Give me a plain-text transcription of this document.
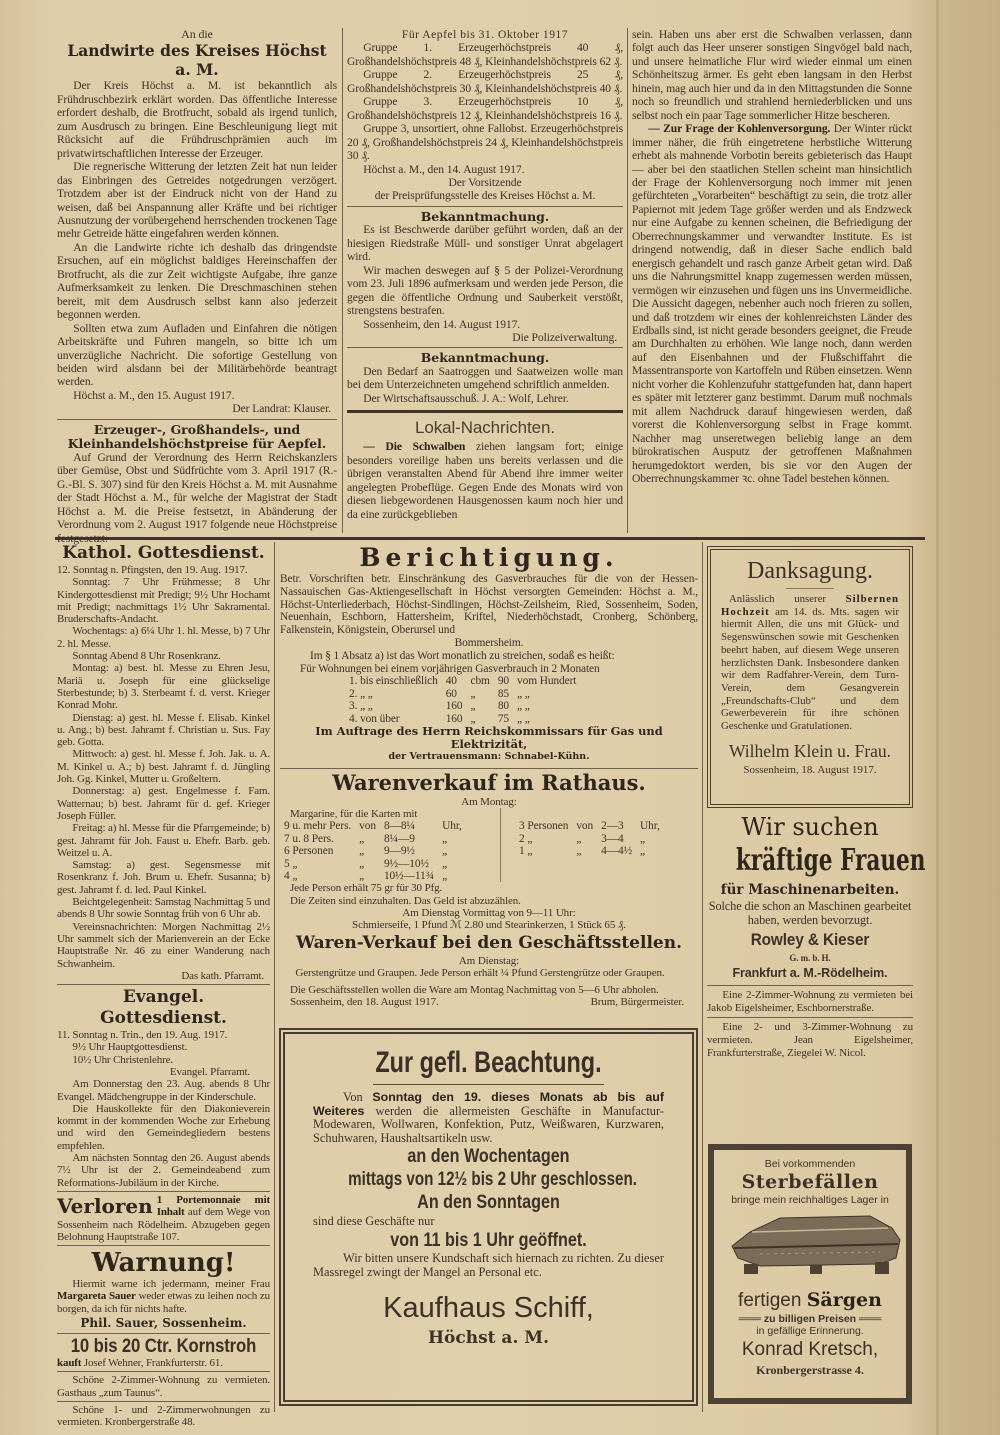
An die
Landwirte des Kreises Höchst a. M.

Der Kreis Höchst a. M. ist bekanntlich als Frühdruschbezirk erklärt worden. Das öffentliche Interesse erfordert deshalb, die Brotfrucht, sobald als irgend tunlich, zum Ausdrusch zu bringen. Eine Beschleunigung liegt mit Rücksicht auf die Frühdruschprämien auch im privatwirtschaftlichen Interesse der Erzeuger.

Die regnerische Witterung der letzten Zeit hat nun leider das Einbringen des Getreides notgedrungen verzögert. Trotzdem aber ist der Eindruck nicht von der Hand zu weisen, daß bei Anspannung aller Kräfte und bei richtiger Ausnutzung der vorübergehend herrschenden trockenen Tage mehr Getreide hätte eingefahren werden können.

An die Landwirte richte ich deshalb das dringendste Ersuchen, auf ein möglichst baldiges Hereinschaffen der Brotfrucht, als die zur Zeit wichtigste Aufgabe, ihre ganze Aufmerksamkeit zu lenken. Die Dreschmaschinen stehen bereit, mit dem Ausdrusch selbst kann also jederzeit begonnen werden.

Sollten etwa zum Aufladen und Einfahren die nötigen Arbeitskräfte und Fuhren mangeln, so bitte ich um unverzügliche Nachricht. Die sofortige Gestellung von beiden wird alsdann bei der Militärbehörde beantragt werden.

Höchst a. M., den 15. August 1917.

Der Landrat: Klauser.

Erzeuger-, Großhandels-, und Kleinhandelshöchstpreise für Aepfel.

Auf Grund der Verordnung des Herrn Reichskanzlers über Gemüse, Obst und Südfrüchte vom 3. April 1917 (R.-G.-Bl. S. 307) sind für den Kreis Höchst a. M. mit Ausnahme der Stadt Höchst a. M., für welche der Magistrat der Stadt Höchst a. M. die Preise festsetzt, in Abänderung der Verordnung vom 2. August 1917 folgende neue Höchstpreise

Für Aepfel bis 31. Oktober 1917

Gruppe 1. Erzeugerhöchstpreis 40 ₰, Großhandelshöchstpreis 48 ₰, Kleinhandelshöchstpreis 62 ₰.

Gruppe 2. Erzeugerhöchstpreis 25 ₰, Großhandelshöchstpreis 30 ₰, Kleinhandelshöchstpreis 40 ₰.

Gruppe 3. Erzeugerhöchstpreis 10 ₰, Großhandelshöchstpreis 12 ₰, Kleinhandelshöchstpreis 16 ₰.

Gruppe 3, unsortiert, ohne Fallobst. Erzeugerhöchstpreis 20 ₰, Großhandelshöchstpreis 24 ₰, Kleinhandelshöchstpreis 30 ₰.

Höchst a. M., den 14. August 1917.

Der Vorsitzende
der Preisprüfungsstelle des Kreises Höchst a. M.
Bekanntmachung.

Es ist Beschwerde darüber geführt worden, daß an der hiesigen Riedstraße Müll- und sonstiger Unrat abgelagert wird.

Wir machen deswegen auf § 5 der Polizei-Verordnung vom 23. Juli 1896 aufmerksam und werden jede Person, die gegen die öffentliche Ordnung und Sauberkeit verstößt, strengstens bestrafen.

Sossenheim, den 14. August 1917.

Die Polizeiverwaltung.

Bekanntmachung.

Den Bedarf an Saatroggen und Saatweizen wolle man bei dem Unterzeichneten umgehend schriftlich anmelden.

Der Wirtschaftsausschuß. J. A.: Wolf, Lehrer.

Lokal-Nachrichten.

— Die Schwalben ziehen langsam fort; einige besonders voreilige haben uns bereits verlassen und die übrigen veranstalten Abend für Abend ihre immer weiter angelegten Probeflüge. Gegen Ende des Monats wird von diesen liebgewordenen Hausgenossen kaum noch hier und da eine zurückgeblieben

sein. Haben uns aber erst die Schwalben verlassen, dann folgt auch das Heer unserer sonstigen Singvögel bald nach, und unsere heimatliche Flur wird wieder einmal um einen Schönheitszug ärmer. Es geht eben langsam in den Herbst hinein, mag auch hier und da in den Mittagstunden die Sonne noch so freundlich und strahlend herniederblicken und uns selbst noch ein paar Tage sommerlicher Hitze bescheren.

— Zur Frage der Kohlenversorgung. Der Winter rückt immer näher, die früh eingetretene herbstliche Witterung erhebt als mahnende Vorbotin bereits gebieterisch das Haupt — aber bei den staatlichen Stellen scheint man hinsichtlich der Frage der Kohlenversorgung noch immer mit jenen gefürchteten „Vorarbeiten“ beschäftigt zu sein, die trotz aller Papiernot mit jedem Tage größer werden und als Endzweck nur eine Aufgabe zu kennen scheinen, die Befriedigung der Oberrechnungskammer und verwandter Institute. Es ist dringend notwendig, daß in dieser Sache endlich bald energisch gehandelt und rasch ganze Arbeit getan wird. Daß uns die Nahrungsmittel knapp zugemessen werden müssen, vermögen wir einzusehen und fügen uns ins Unvermeidliche. Die Aussicht dagegen, nebenher auch noch frieren zu sollen, und daß trotzdem wir eines der kohlenreichsten Länder des Erdballs sind, ist nicht gerade besonders geeignet, die Freude am Durchhalten zu erhöhen. Wie lange noch, dann werden auf den Eisenbahnen und der Flußschiffahrt die Massentransporte von Kartoffeln und Rüben einsetzen. Wenn nicht vorher die Kohlenzufuhr stattgefunden hat, dann hapert es später mit letzterer ganz bestimmt. Darum muß nochmals mit allem Nachdruck darauf hingewiesen werden, daß vorerst die Kohlenversorgung selbst in Frage kommt. Nachher mag unseretwegen beliebig lange an dem bürokratischen Ausputz der getroffenen Maßnahmen herumgedoktort werden, bis sie vor den Augen der Oberrechnungskammer ꝛc. ohne Tadel bestehen können.

Kathol. Gottesdienst.
12. Sonntag n. Pfingsten, den 19. Aug. 1917.

Sonntag: 7 Uhr Frühmesse; 8 Uhr Kindergottesdienst mit Predigt; 9½ Uhr Hochamt mit Predigt; nachmittags 1½ Uhr Sakramental. Bruderschafts-Andacht.

Wochentags: a) 6¼ Uhr 1. hl. Messe, b) 7 Uhr 2. hl. Messe.

Sonntag Abend 8 Uhr Rosenkranz.

Montag: a) best. hl. Messe zu Ehren Jesu, Mariä u. Joseph für eine glückselige Sterbestunde; b) 3. Sterbeamt f. d. verst. Krieger Konrad Mohr.

Dienstag: a) gest. hl. Messe f. Elisab. Kinkel u. Ang.; b) best. Jahramt f. Christian u. Sus. Fay geb. Gotta.

Mittwoch: a) gest. hl. Messe f. Joh. Jak. u. A. M. Kinkel u. A.; b) best. Jahramt f. d. Jüngling Joh. Gg. Kinkel, Mutter u. Großeltern.

Donnerstag: a) gest. Engelmesse f. Fam. Watternau; b) best. Jahramt für d. gef. Krieger Joseph Füller.

Freitag: a) hl. Messe für die Pfarrgemeinde; b) gest. Jahramt für Joh. Faust u. Ehefr. Barb. geb. Weitzel u. A.

Samstag: a) gest. Segensmesse mit Rosenkranz f. Joh. Brum u. Ehefr. Susanna; b) gest. Jahramt f. d. led. Paul Kinkel.

Beichtgelegenheit: Samstag Nachmittag 5 und abends 8 Uhr sowie Sonntag früh von 6 Uhr ab.

Vereinsnachrichten: Morgen Nachmittag 2½ Uhr sammelt sich der Marienverein an der Ecke Hauptstraße Nr. 46 zu einer Wanderung nach Schwanheim.

Das kath. Pfarramt.

Evangel. Gottesdienst.
11. Sonntag n. Trin., den 19. Aug. 1917.

9½ Uhr Hauptgottesdienst.

10½ Uhr Christenlehre.

Evangel. Pfarramt.

Am Donnerstag den 23. Aug. abends 8 Uhr Evangel. Mädchengruppe in der Kinderschule.

Die Hauskollekte für den Diakonieverein kommt in der kommenden Woche zur Erhebung und wird den Gemeindegliedern bestens empfehlen.

Am nächsten Sonntag den 26. August abends 7½ Uhr ist der 2. Gemeindeabend zum Reformations-Jubiläum in der Kirche.

Verloren 1 Portemonnaie mit Inhalt auf dem Wege von Sossenheim nach Rödelheim. Abzugeben gegen Belohnung Hauptstraße 107.
Warnung!

Hiermit warne ich jedermann, meiner Frau Margareta Sauer weder etwas zu leihen noch zu borgen, da ich für nichts hafte.

Phil. Sauer, Sossenheim.
10 bis 20 Ctr. Kornstroh
kauft Josef Wehner, Frankfurterstr. 61.

Schöne 2-Zimmer-Wohnung zu vermieten. Gasthaus „zum Taunus“.

Schöne 1- und 2-Zimmerwohnungen zu vermieten. Kronbergerstraße 48.

Berichtigung.
Betr. Vorschriften betr. Einschränkung des Gasverbrauches für die von der Hessen-Nassauischen Gas-Aktiengesellschaft in Höchst versorgten Gemeinden: Höchst a. M., Höchst-Unterliederbach, Höchst-Sindlingen, Höchst-Zeilsheim, Ried, Sossenheim, Soden, Neuenhain, Eschborn, Hattersheim, Kriftel, Niederhöchstadt, Cronberg, Schönberg, Falkenstein, Königstein, Oberursel und
Bommersheim.
Im § 1 Absatz a) ist das Wort monatlich zu streichen, sodaß es heißt:
Für Wohnungen bei einem vorjährigen Gasverbrauch in 2 Monaten
1. bis einschließlich	40	cbm	90	vom Hundert
2. „ „	60	„	85	„ „
3. „ „	160	„	80	„ „
4. von über	160	„	75	„ „
Im Auftrage des Herrn Reichskommissars für Gas und Elektrizität,
der Vertrauensmann: Schnabel-Kühn.
Warenverkauf im Rathaus.
Am Montag:
Margarine, für die Karten mit
9 u. mehr Pers.	von	8—8¼	Uhr,
7 u. 8 Pers.	„	8¼—9	„
6 Personen	„	9—9½	„
5 „	„	9½—10½	„
4 „	„	10½—11¾	„
3 Personen	von	2—3	Uhr,
2 „	„	3—4	„
1 „	„	4—4½	„
Jede Person erhält 75 gr für 30 Pfg.
Die Zeiten sind einzuhalten. Das Geld ist abzuzählen.
Am Dienstag Vormittag von 9—11 Uhr:
Schmierseife, 1 Pfund ℳ 2.80 und Stearinkerzen, 1 Stück 65 ₰.
Waren-Verkauf bei den Geschäftsstellen.
Am Dienstag:

Gerstengrütze und Graupen. Jede Person erhält ¼ Pfund Gerstengrütze oder Graupen.

Die Geschäftsstellen wollen die Ware am Montag Nachmittag von 5—6 Uhr abholen.
Sossenheim, den 18. August 1917.	Brum, Bürgermeister.
Zur gefl. Beachtung.
Von Sonntag den 19. dieses Monats ab bis auf Weiteres werden die allermeisten Geschäfte in Manufactur-Modewaren, Wollwaren, Konfektion, Putz, Weißwaren, Kurzwaren, Schuhwaren, Haushaltsartikeln usw.
an den Wochentagen
mittags von 12½ bis 2 Uhr geschlossen.
An den Sonntagen
sind diese Geschäfte nur
von 11 bis 1 Uhr geöffnet.
Wir bitten unsere Kundschaft sich hiernach zu richten. Zu dieser Massregel zwingt der Mangel an Personal etc.
Kaufhaus Schiff,
Höchst a. M.
Danksagung.
Anlässlich unserer Silbernen Hochzeit am 14. ds. Mts. sagen wir hiermit Allen, die uns mit Glück- und Segenswünschen sowie mit Geschenken beehrt haben, auf diesem Wege unseren herzlichsten Dank. Insbesondere danken wir dem Radfahrer-Verein, dem Turn-Verein, dem Gesangverein „Freundschafts-Club“ und dem Gewerbeverein für ihre schönen Geschenke und Gratulationen.
Wilhelm Klein u. Frau.
Sossenheim, 18. August 1917.
Wir suchen
kräftige Frauen
für Maschinenarbeiten.
Solche die schon an Maschinen gearbeitet haben, werden bevorzugt.
Rowley & Kieser
G. m. b. H.
Frankfurt a. M.-Rödelheim.

Eine 2-Zimmer-Wohnung zu vermieten bei Jakob Eigelsheimer, Eschbornerstraße.

Eine 2- und 3-Zimmer-Wohnung zu vermieten. Jean Eigelsheimer, Frankfurterstraße, Ziegelei W. Nicol.

Bei vorkommenden
Sterbefällen
bringe mein reichhaltiges Lager in
fertigen Särgen
═══ zu billigen Preisen ═══
in gefällige Erinnerung.
Konrad Kretsch,
Kronbergerstrasse 4.
